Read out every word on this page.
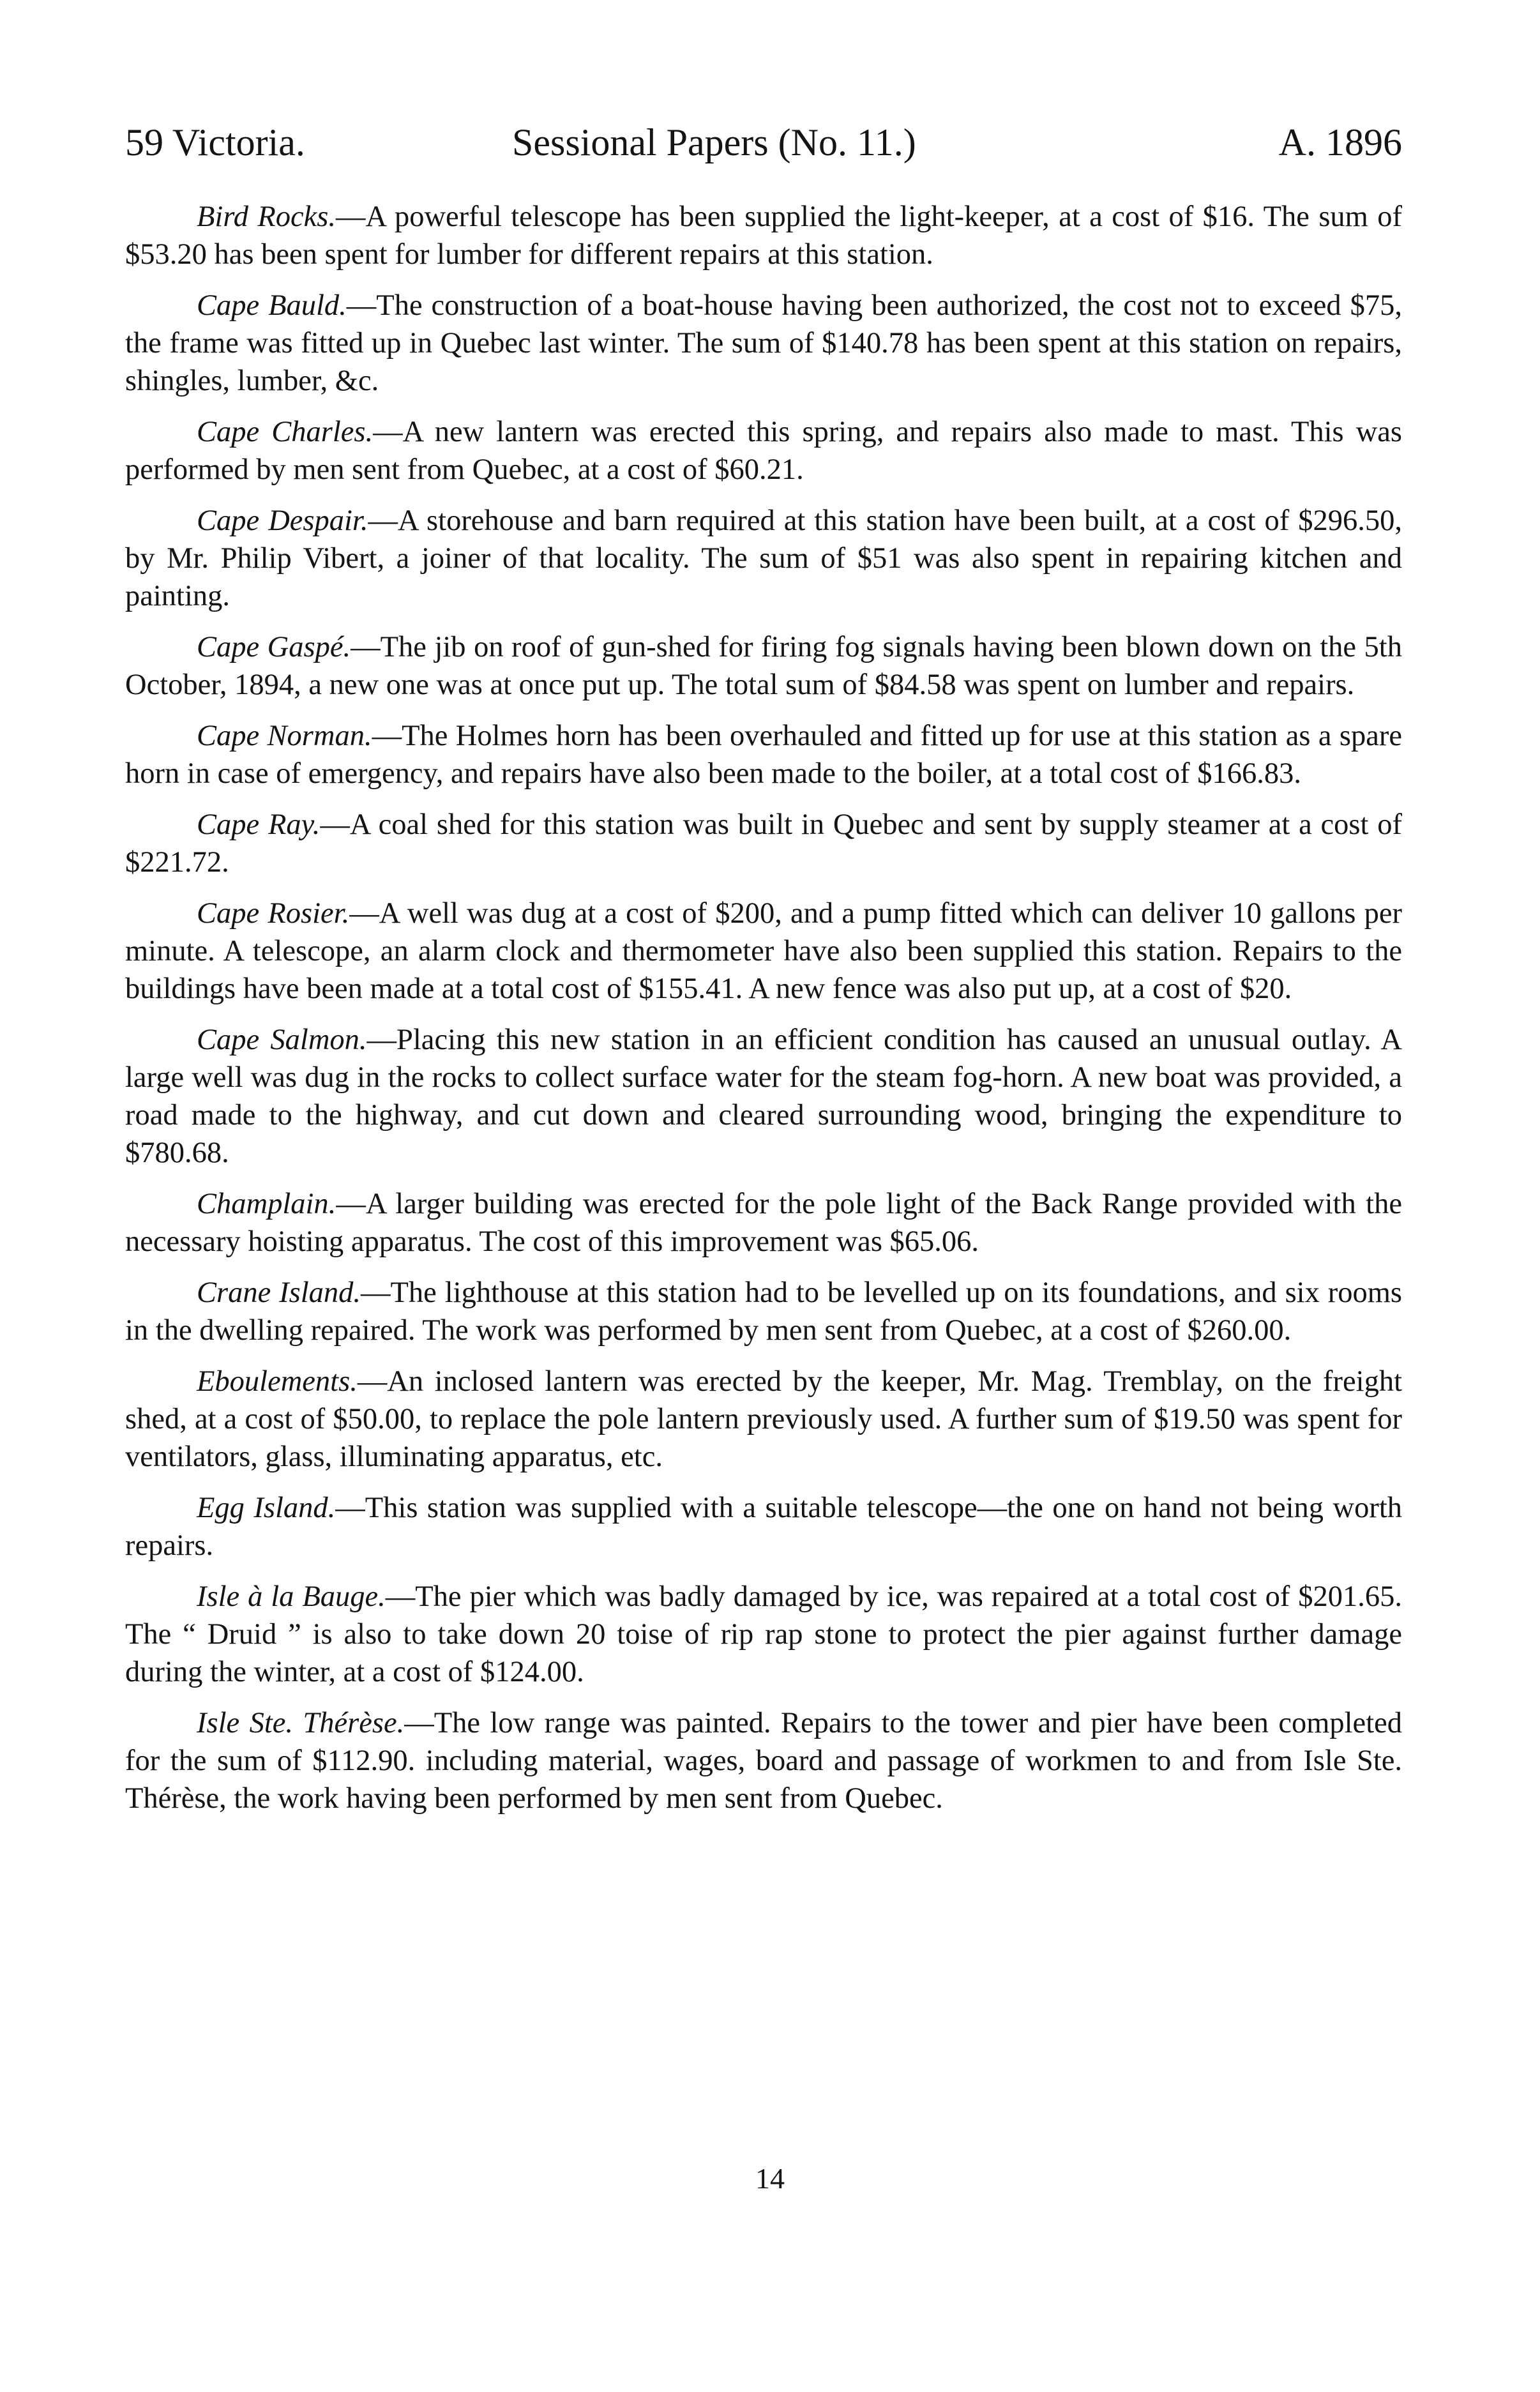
59 Victoria.	Sessional Papers (No. 11.)	A. 1896

Bird Rocks.—A powerful telescope has been supplied the light-keeper, at a cost of $16. The sum of $53.20 has been spent for lumber for different repairs at this station.

Cape Bauld.—The construction of a boat-house having been authorized, the cost not to exceed $75, the frame was fitted up in Quebec last winter. The sum of $140.78 has been spent at this station on repairs, shingles, lumber, &c.

Cape Charles.—A new lantern was erected this spring, and repairs also made to mast. This was performed by men sent from Quebec, at a cost of $60.21.

Cape Despair.—A storehouse and barn required at this station have been built, at a cost of $296.50, by Mr. Philip Vibert, a joiner of that locality. The sum of $51 was also spent in repairing kitchen and painting.

Cape Gaspé.—The jib on roof of gun-shed for firing fog signals having been blown down on the 5th October, 1894, a new one was at once put up. The total sum of $84.58 was spent on lumber and repairs.

Cape Norman.—The Holmes horn has been overhauled and fitted up for use at this station as a spare horn in case of emergency, and repairs have also been made to the boiler, at a total cost of $166.83.

Cape Ray.—A coal shed for this station was built in Quebec and sent by supply steamer at a cost of $221.72.

Cape Rosier.—A well was dug at a cost of $200, and a pump fitted which can deliver 10 gallons per minute. A telescope, an alarm clock and thermometer have also been supplied this station. Repairs to the buildings have been made at a total cost of $155.41. A new fence was also put up, at a cost of $20.

Cape Salmon.—Placing this new station in an efficient condition has caused an unusual outlay. A large well was dug in the rocks to collect surface water for the steam fog-horn. A new boat was provided, a road made to the highway, and cut down and cleared surrounding wood, bringing the expenditure to $780.68.

Champlain.—A larger building was erected for the pole light of the Back Range provided with the necessary hoisting apparatus. The cost of this improvement was $65.06.

Crane Island.—The lighthouse at this station had to be levelled up on its foundations, and six rooms in the dwelling repaired. The work was performed by men sent from Quebec, at a cost of $260.00.

Eboulements.—An inclosed lantern was erected by the keeper, Mr. Mag. Tremblay, on the freight shed, at a cost of $50.00, to replace the pole lantern previously used. A further sum of $19.50 was spent for ventilators, glass, illuminating apparatus, etc.

Egg Island.—This station was supplied with a suitable telescope—the one on hand not being worth repairs.

Isle à la Bauge.—The pier which was badly damaged by ice, was repaired at a total cost of $201.65. The “ Druid ” is also to take down 20 toise of rip rap stone to protect the pier against further damage during the winter, at a cost of $124.00.

Isle Ste. Thérèse.—The low range was painted. Repairs to the tower and pier have been completed for the sum of $112.90. including material, wages, board and passage of workmen to and from Isle Ste. Thérèse, the work having been performed by men sent from Quebec.

14
